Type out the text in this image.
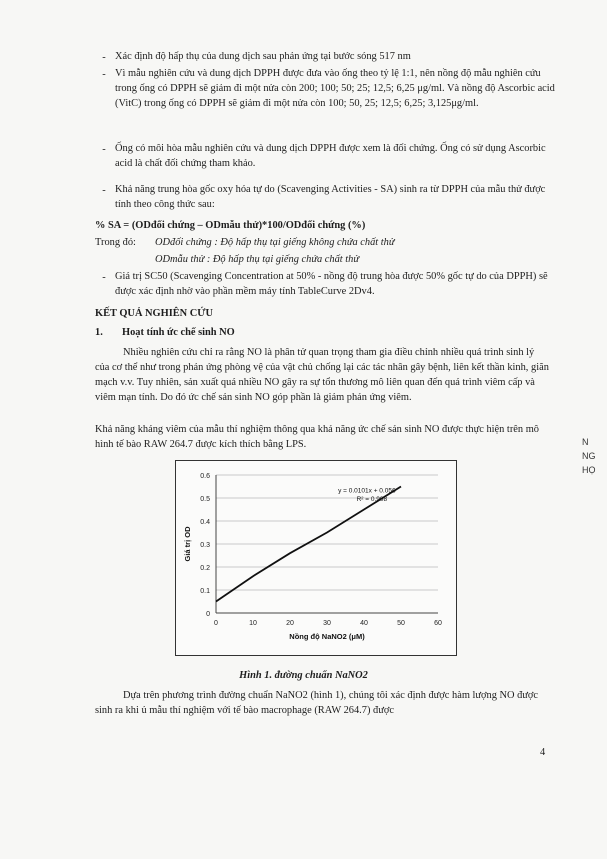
- Xác định độ hấp thụ của dung dịch sau phản ứng tại bước sóng 517 nm

- Vì mẫu nghiên cứu và dung dịch DPPH được đưa vào ống theo tỷ lệ 1:1, nên nồng độ mẫu nghiên cứu trong ống có DPPH sẽ giảm đi một nửa còn 200; 100; 50; 25; 12,5; 6,25 μg/ml. Và nồng độ Ascorbic acid (VitC) trong ống có DPPH sẽ giảm đi một nửa còn 100; 50, 25; 12,5; 6,25; 3,125μg/ml.

- Ống có môi hòa mẫu nghiên cứu và dung dịch DPPH được xem là đối chứng. Ống có sử dụng Ascorbic acid là chất đối chứng tham khảo.

- Khả năng trung hòa gốc oxy hóa tự do (Scavenging Activities - SA) sinh ra từ DPPH của mẫu thử được tính theo công thức sau:

% SA = (ODđối chứng – ODmẫu thử)*100/ODđối chứng (%)

Trong đó: ODđối chứng : Độ hấp thụ tại giếng không chứa chất thử

ODmẫu thử : Độ hấp thụ tại giếng chứa chất thử

- Giá trị SC50 (Scavenging Concentration at 50% - nồng độ trung hòa được 50% gốc tự do của DPPH) sẽ được xác định nhờ vào phần mềm máy tính TableCurve 2Dv4.

KẾT QUẢ NGHIÊN CỨU

1.	Hoạt tính ức chế sinh NO

Nhiều nghiên cứu chỉ ra rằng NO là phân tử quan trọng tham gia điều chỉnh nhiều quá trình sinh lý của cơ thể như trong phản ứng phòng vệ của vật chủ chống lại các tác nhân gây bệnh, liên kết thần kinh, giãn mạch v.v. Tuy nhiên, sản xuất quá nhiều NO gây ra sự tổn thương mô liên quan đến quá trình viêm cấp và viêm mạn tính. Do đó ức chế sản sinh NO góp phần là giảm phản ứng viêm.

Khả năng kháng viêm của mẫu thí nghiệm thông qua khả năng ức chế sản sinh NO được thực hiện trên mô hình tế bào RAW 264.7 được kích thích bằng LPS.

0
0.1
0.2
0.3
0.4
0.5
0.6
0	10	20	30	40	50	60
y = 0.0101x + 0.056
R² = 0.998
Nồng độ NaNO2 (μM)
Giá trị OD

Hình 1. đường chuẩn NaNO2

Dựa trên phương trình đường chuẩn NaNO2 (hình 1), chúng tôi xác định được hàm lượng NO được sinh ra khi ủ mẫu thí nghiệm với tế bào macrophage (RAW 264.7) được

4

N
NG
HỌ
